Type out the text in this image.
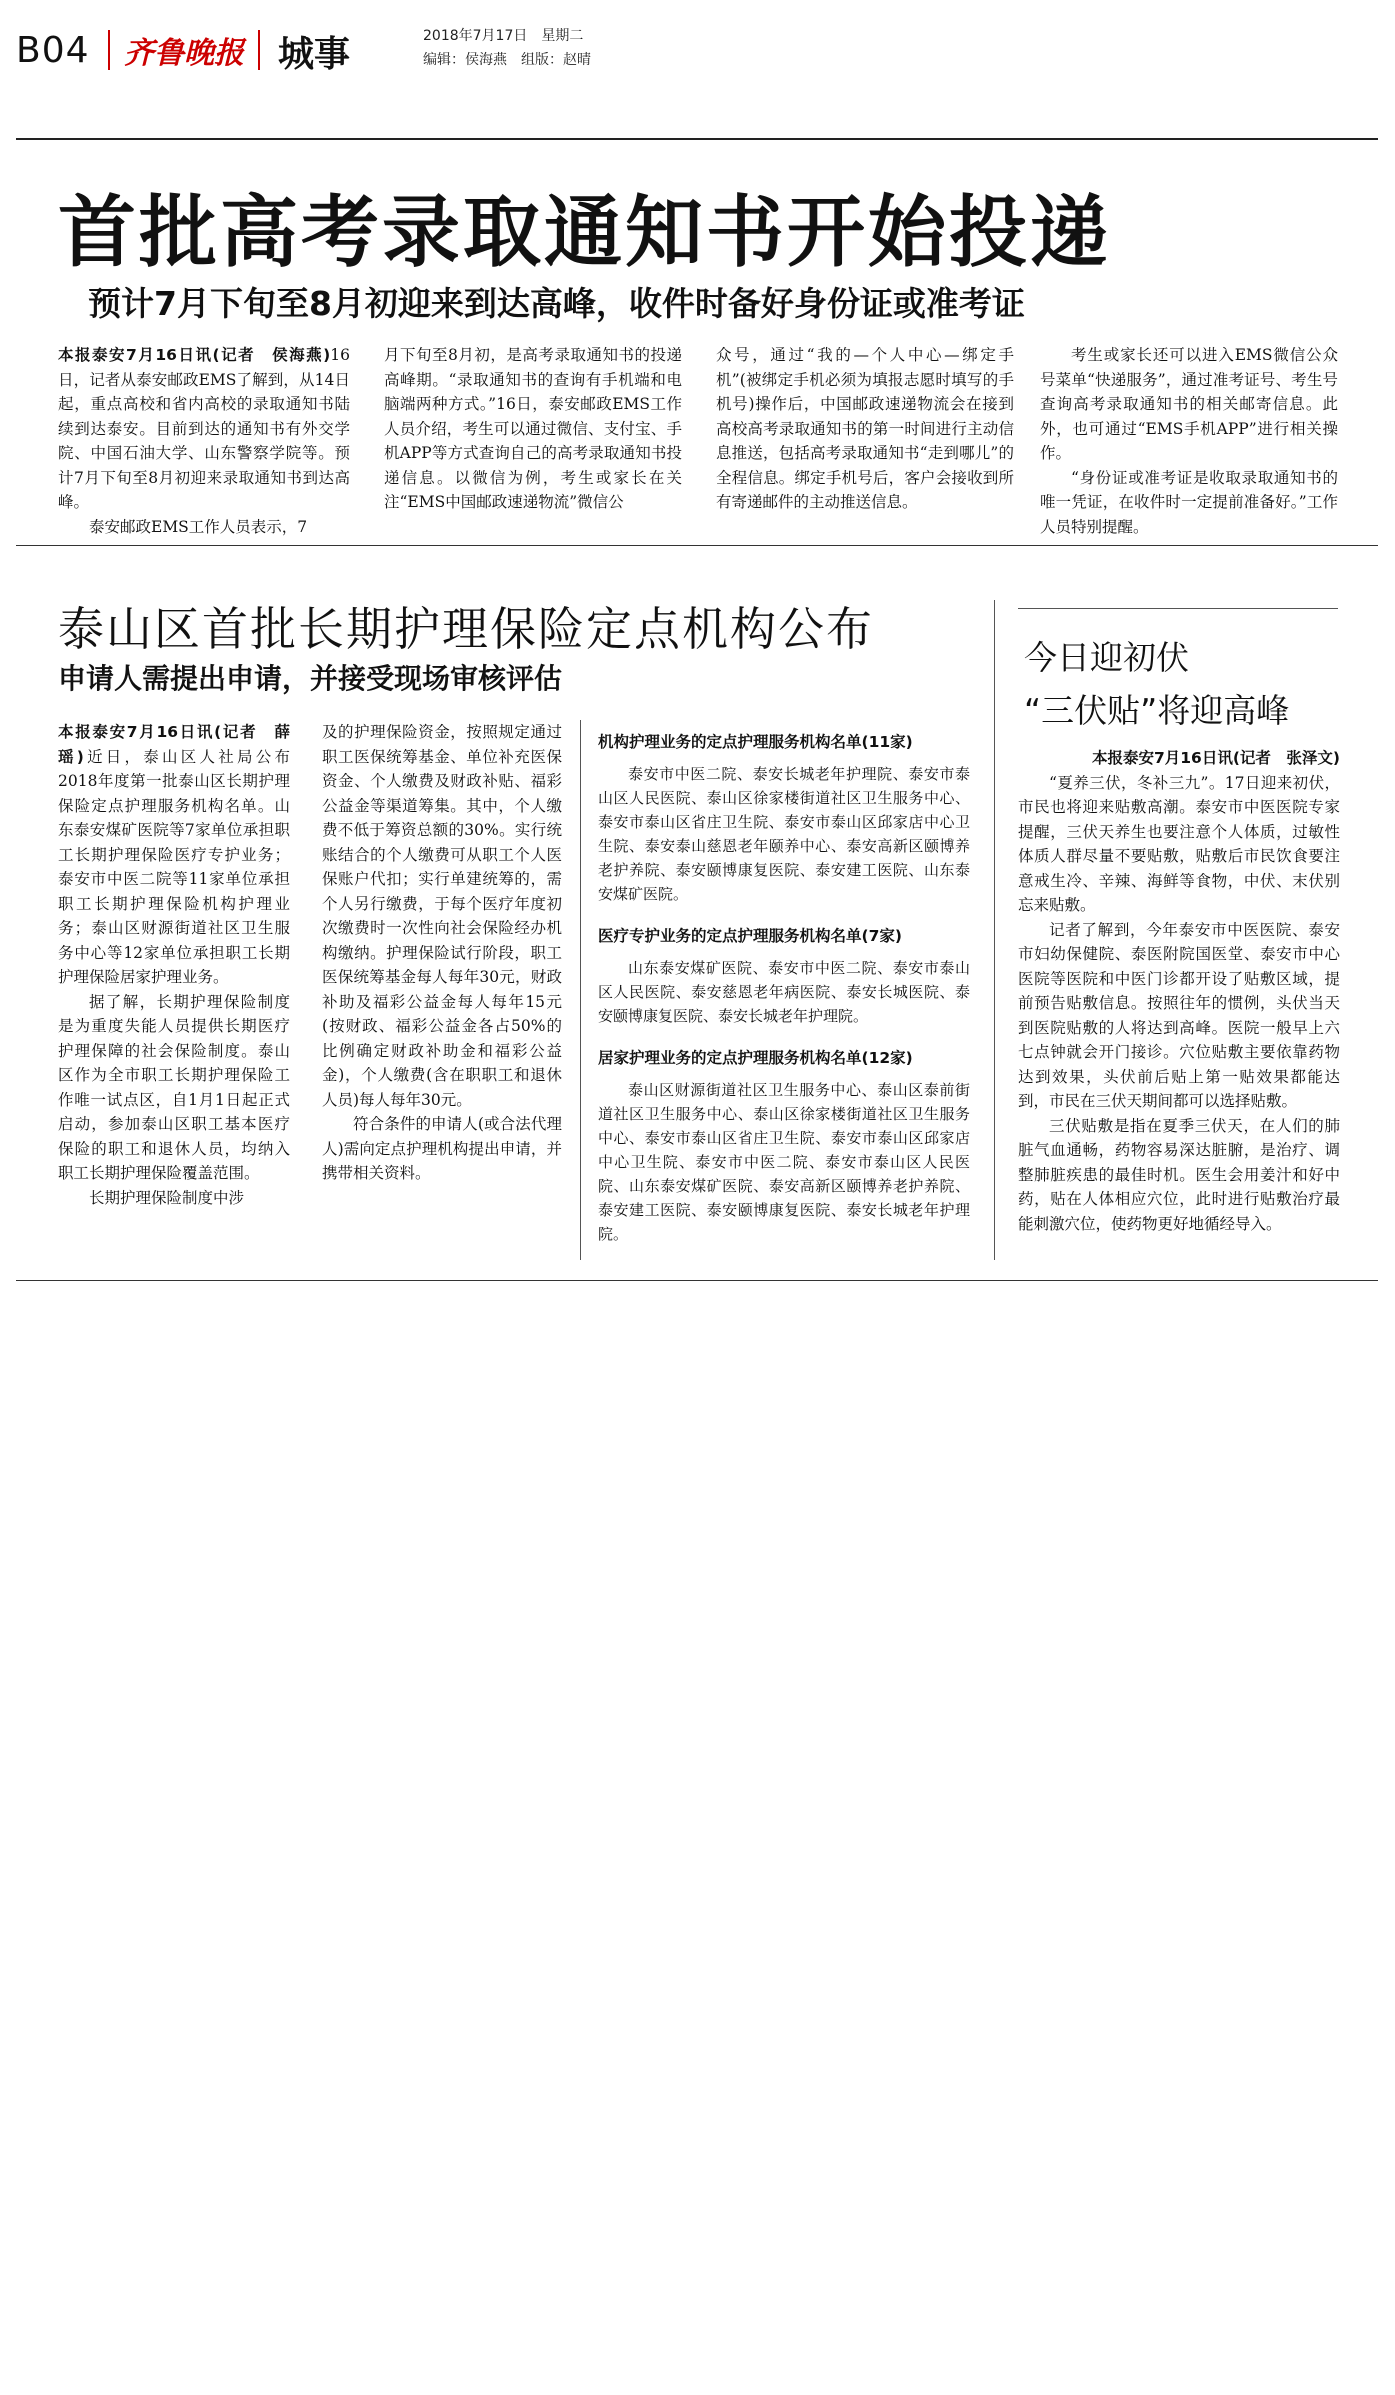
B04 齐鲁晚报 城事	2018年7月17日　星期二
编辑：侯海燕　组版：赵晴
首批高考录取通知书开始投递
预计7月下旬至8月初迎来到达高峰，收件时备好身份证或准考证

本报泰安7月16日讯(记者　侯海燕)16日，记者从泰安邮政EMS了解到，从14日起，重点高校和省内高校的录取通知书陆续到达泰安。目前到达的通知书有外交学院、中国石油大学、山东警察学院等。预计7月下旬至8月初迎来录取通知书到达高峰。

泰安邮政EMS工作人员表示，7

月下旬至8月初，是高考录取通知书的投递高峰期。“录取通知书的查询有手机端和电脑端两种方式。”16日，泰安邮政EMS工作人员介绍，考生可以通过微信、支付宝、手机APP等方式查询自己的高考录取通知书投递信息。以微信为例，考生或家长在关注“EMS中国邮政速递物流”微信公

众号，通过“我的—个人中心—绑定手机”(被绑定手机必须为填报志愿时填写的手机号)操作后，中国邮政速递物流会在接到高校高考录取通知书的第一时间进行主动信息推送，包括高考录取通知书“走到哪儿”的全程信息。绑定手机号后，客户会接收到所有寄递邮件的主动推送信息。

考生或家长还可以进入EMS微信公众号菜单“快递服务”，通过准考证号、考生号查询高考录取通知书的相关邮寄信息。此外，也可通过“EMS手机APP”进行相关操作。

“身份证或准考证是收取录取通知书的唯一凭证，在收件时一定提前准备好。”工作人员特别提醒。

泰山区首批长期护理保险定点机构公布
申请人需提出申请，并接受现场审核评估

本报泰安7月16日讯(记者　薛瑶)近日，泰山区人社局公布2018年度第一批泰山区长期护理保险定点护理服务机构名单。山东泰安煤矿医院等7家单位承担职工长期护理保险医疗专护业务；泰安市中医二院等11家单位承担职工长期护理保险机构护理业务；泰山区财源街道社区卫生服务中心等12家单位承担职工长期护理保险居家护理业务。

据了解，长期护理保险制度是为重度失能人员提供长期医疗护理保障的社会保险制度。泰山区作为全市职工长期护理保险工作唯一试点区，自1月1日起正式启动，参加泰山区职工基本医疗保险的职工和退休人员，均纳入职工长期护理保险覆盖范围。

长期护理保险制度中涉

及的护理保险资金，按照规定通过职工医保统筹基金、单位补充医保资金、个人缴费及财政补贴、福彩公益金等渠道筹集。其中，个人缴费不低于筹资总额的30%。实行统账结合的个人缴费可从职工个人医保账户代扣；实行单建统筹的，需个人另行缴费，于每个医疗年度初次缴费时一次性向社会保险经办机构缴纳。护理保险试行阶段，职工医保统筹基金每人每年30元，财政补助及福彩公益金每人每年15元(按财政、福彩公益金各占50%的比例确定财政补助金和福彩公益金)，个人缴费(含在职职工和退休人员)每人每年30元。

符合条件的申请人(或合法代理人)需向定点护理机构提出申请，并携带相关资料。

机构护理业务的定点护理服务机构名单(11家)

泰安市中医二院、泰安长城老年护理院、泰安市泰山区人民医院、泰山区徐家楼街道社区卫生服务中心、泰安市泰山区省庄卫生院、泰安市泰山区邱家店中心卫生院、泰安泰山慈恩老年颐养中心、泰安高新区颐博养老护养院、泰安颐博康复医院、泰安建工医院、山东泰安煤矿医院。

医疗专护业务的定点护理服务机构名单(7家)

山东泰安煤矿医院、泰安市中医二院、泰安市泰山区人民医院、泰安慈恩老年病医院、泰安长城医院、泰安颐博康复医院、泰安长城老年护理院。

居家护理业务的定点护理服务机构名单(12家)

泰山区财源街道社区卫生服务中心、泰山区泰前街道社区卫生服务中心、泰山区徐家楼街道社区卫生服务中心、泰安市泰山区省庄卫生院、泰安市泰山区邱家店中心卫生院、泰安市中医二院、泰安市泰山区人民医院、山东泰安煤矿医院、泰安高新区颐博养老护养院、泰安建工医院、泰安颐博康复医院、泰安长城老年护理院。

今日迎初伏
“三伏贴”将迎高峰

本报泰安7月16日讯(记者　张泽文)

“夏养三伏，冬补三九”。17日迎来初伏，市民也将迎来贴敷高潮。泰安市中医医院专家提醒，三伏天养生也要注意个人体质，过敏性体质人群尽量不要贴敷，贴敷后市民饮食要注意戒生冷、辛辣、海鲜等食物，中伏、末伏别忘来贴敷。

记者了解到，今年泰安市中医医院、泰安市妇幼保健院、泰医附院国医堂、泰安市中心医院等医院和中医门诊都开设了贴敷区域，提前预告贴敷信息。按照往年的惯例，头伏当天到医院贴敷的人将达到高峰。医院一般早上六七点钟就会开门接诊。穴位贴敷主要依靠药物达到效果，头伏前后贴上第一贴效果都能达到，市民在三伏天期间都可以选择贴敷。

三伏贴敷是指在夏季三伏天，在人们的肺脏气血通畅，药物容易深达脏腑，是治疗、调整肺脏疾患的最佳时机。医生会用姜汁和好中药，贴在人体相应穴位，此时进行贴敷治疗最能刺激穴位，使药物更好地循经导入。
